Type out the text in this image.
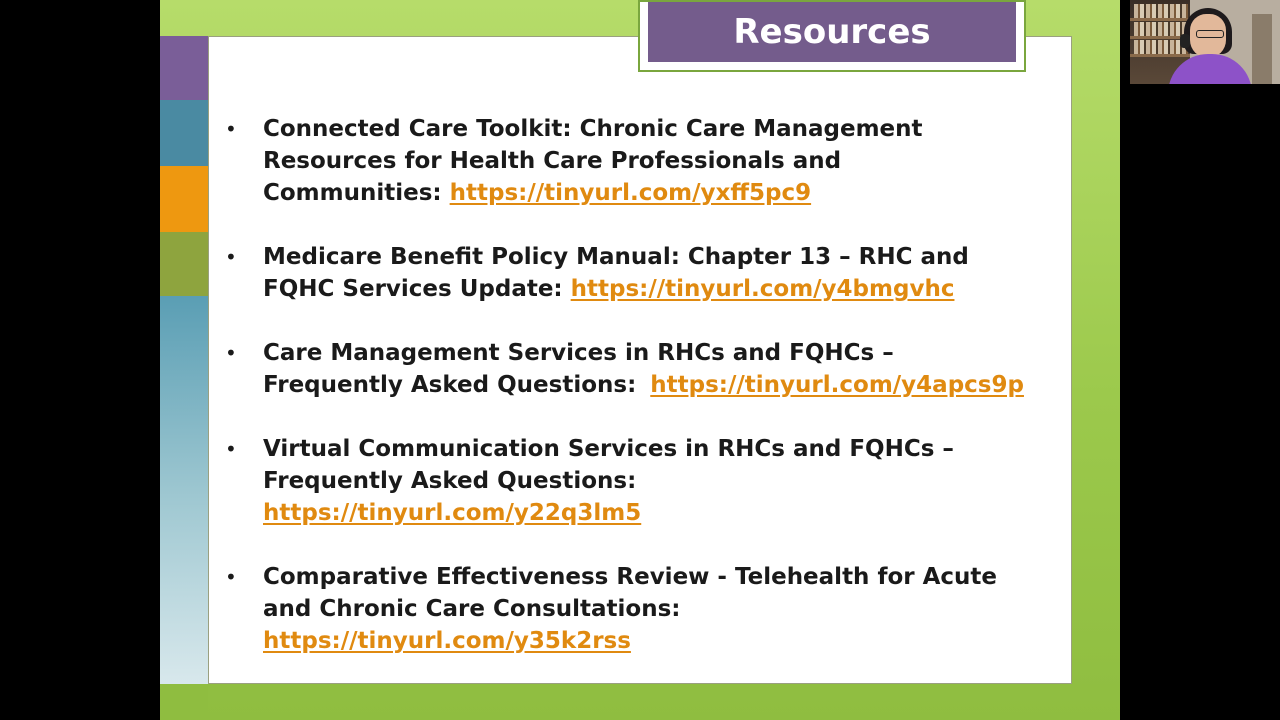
• Connected Care Toolkit: Chronic Care Management Resources for Health Care Professionals and Communities: https://tinyurl.com/yxff5pc9
• Medicare Benefit Policy Manual: Chapter 13 – RHC and FQHC Services Update: https://tinyurl.com/y4bmgvhc
• Care Management Services in RHCs and FQHCs – Frequently Asked Questions: https://tinyurl.com/y4apcs9p
• Virtual Communication Services in RHCs and FQHCs – Frequently Asked Questions:https://tinyurl.com/y22q3lm5
• Comparative Effectiveness Review - Telehealth for Acute and Chronic Care Consultations: https://tinyurl.com/y35k2rss
Resources
